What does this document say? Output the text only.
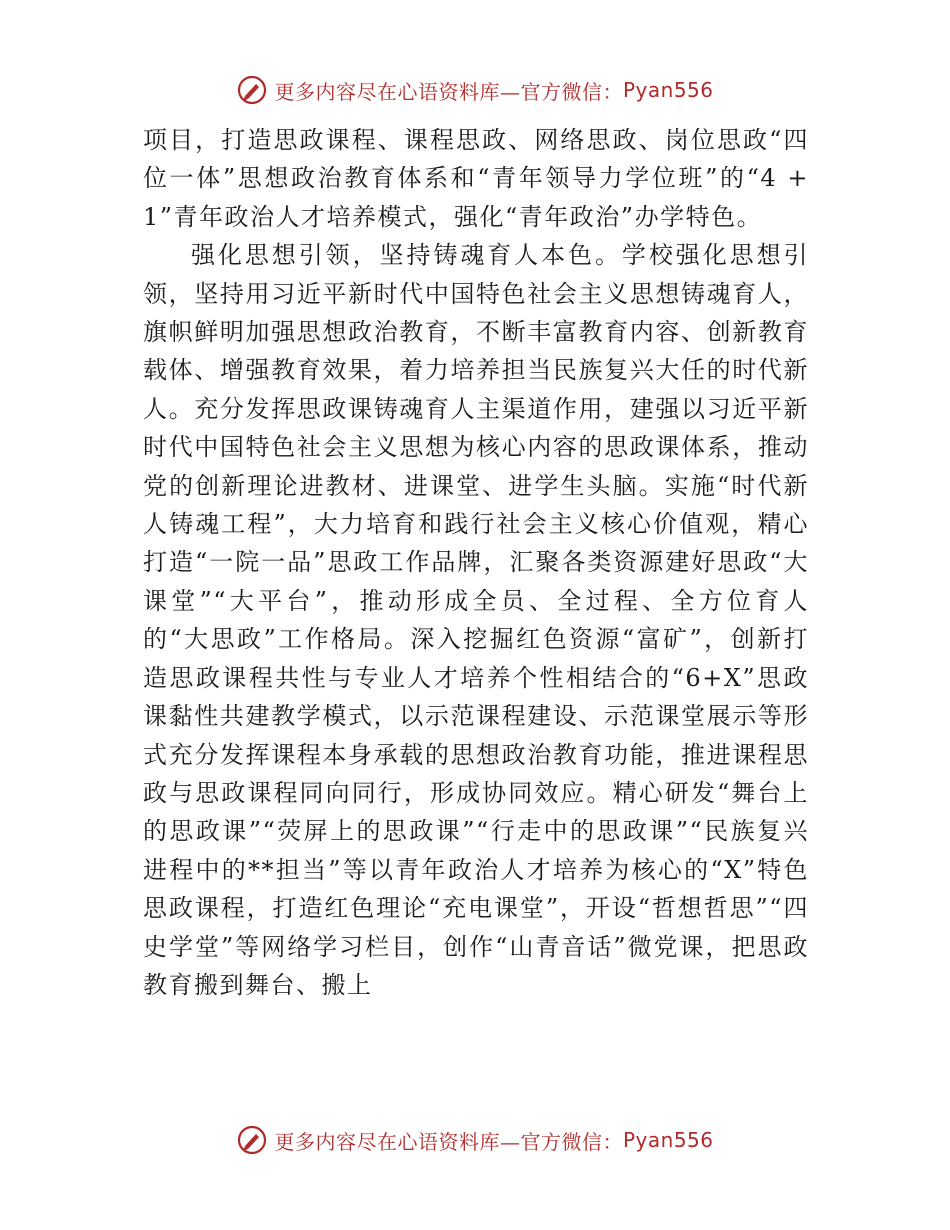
更多内容尽在心语资料库— 官方微信： Pyan556

项目，打造思政课程、课程思政、网络思政、岗位思政“四位一体”思想政治教育体系和“青年领导力学位班”的“4 + 1”青年政治人才培养模式，强化“青年政治”办学特色。

强化思想引领，坚持铸魂育人本色。学校强化思想引领，坚持用习近平新时代中国特色社会主义思想铸魂育人，旗帜鲜明加强思想政治教育，不断丰富教育内容、创新教育载体、增强教育效果，着力培养担当民族复兴大任的时代新人。充分发挥思政课铸魂育人主渠道作用，建强以习近平新时代中国特色社会主义思想为核心内容的思政课体系，推动党的创新理论进教材、进课堂、进学生头脑。实施“时代新人铸魂工程”，大力培育和践行社会主义核心价值观，精心打造“一院一品”思政工作品牌，汇聚各类资源建好思政“大课堂”“大平台”，推动形成全员、全过程、全方位育人的“大思政”工作格局。深入挖掘红色资源“富矿”，创新打造思政课程共性与专业人才培养个性相结合的“6+X”思政课黏性共建教学模式，以示范课程建设、示范课堂展示等形式充分发挥课程本身承载的思想政治教育功能，推进课程思政与思政课程同向同行，形成协同效应。精心研发“舞台上的思政课”“荧屏上的思政课”“行走中的思政课”“民族复兴进程中的**担当”等以青年政治人才培养为核心的“X”特色思政课程，打造红色理论“充电课堂”，开设“哲想哲思”“四史学堂”等网络学习栏目，创作“山青音话”微党课，把思政教育搬到舞台、搬上

更多内容尽在心语资料库— 官方微信： Pyan556
